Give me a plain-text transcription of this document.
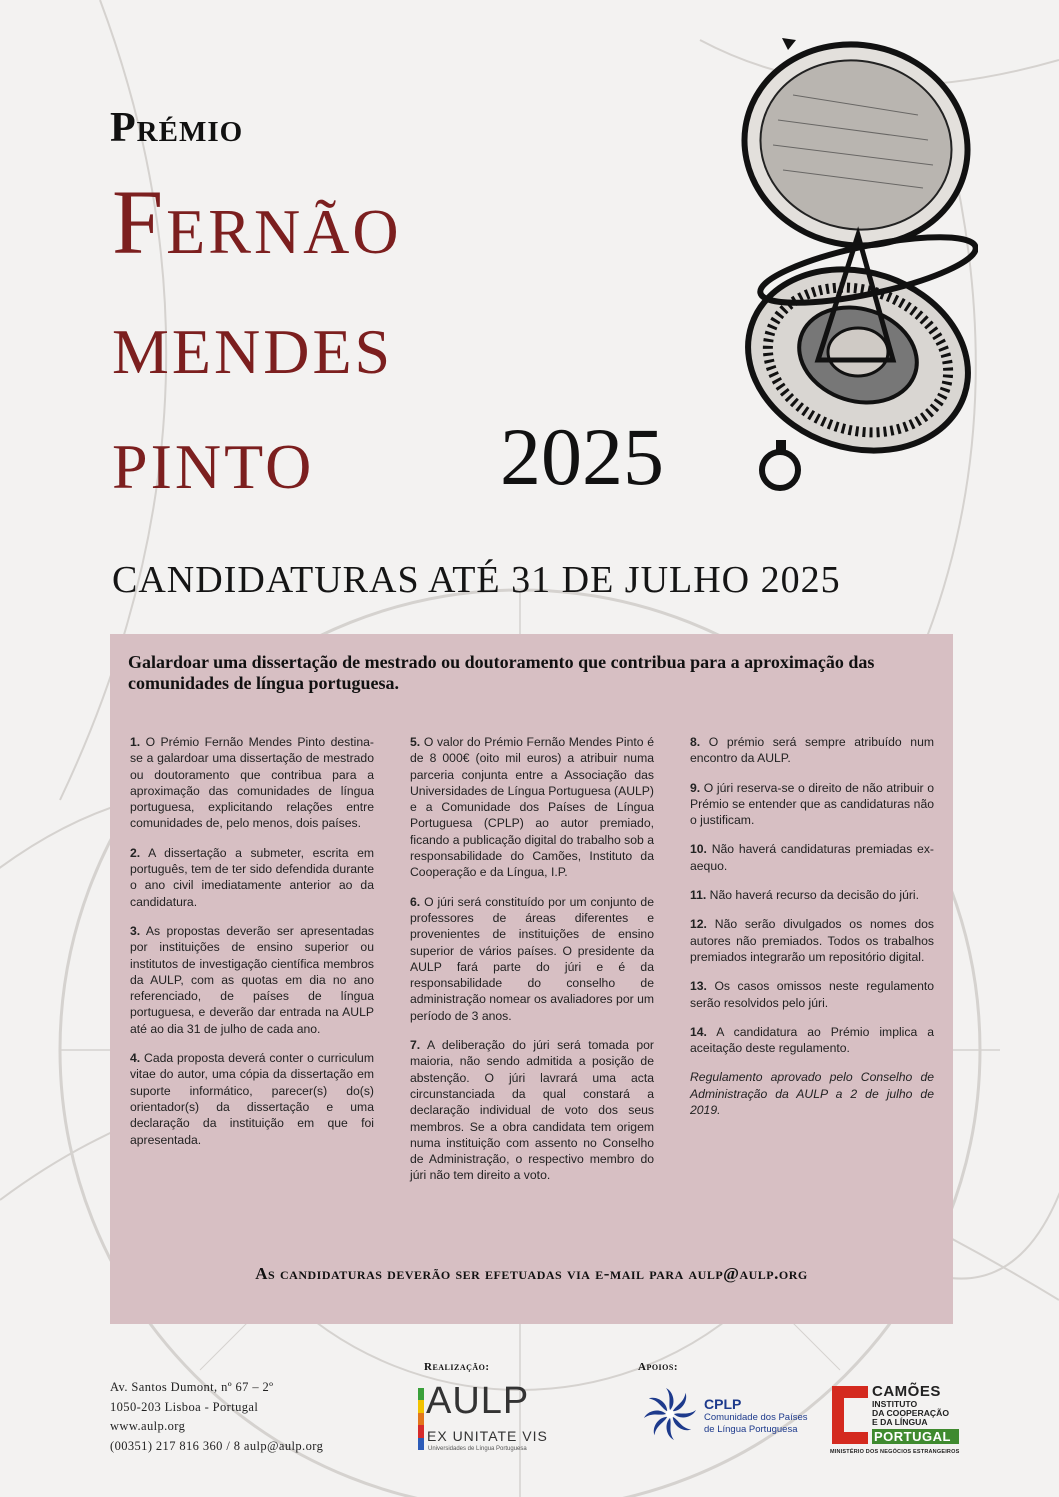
Prémio
Fernão
mendes
pinto 2025
CANDIDATURAS ATÉ 31 DE JULHO 2025
Galardoar uma dissertação de mestrado ou doutoramento que contribua para a aproximação das comunidades de língua portuguesa.

1. O Prémio Fernão Mendes Pinto destina-se a galardoar uma dissertação de mestrado ou doutoramento que contribua para a aproximação das comunidades de língua portuguesa, explicitando relações entre comunidades de, pelo menos, dois países.

2. A dissertação a submeter, escrita em português, tem de ter sido defendida durante o ano civil imediatamente anterior ao da candidatura.

3. As propostas deverão ser apresentadas por instituições de ensino superior ou institutos de investigação científica membros da AULP, com as quotas em dia no ano referenciado, de países de língua portuguesa, e deverão dar entrada na AULP até ao dia 31 de julho de cada ano.

4. Cada proposta deverá conter o curriculum vitae do autor, uma cópia da dissertação em suporte informático, parecer(s) do(s) orientador(s) da dissertação e uma declaração da instituição em que foi apresentada.

5. O valor do Prémio Fernão Mendes Pinto é de 8 000€ (oito mil euros) a atribuir numa parceria conjunta entre a Associação das Universidades de Língua Portuguesa (AULP) e a Comunidade dos Países de Língua Portuguesa (CPLP) ao autor premiado, ficando a publicação digital do trabalho sob a responsabilidade do Camões, Instituto da Cooperação e da Língua, I.P.

6. O júri será constituído por um conjunto de professores de áreas diferentes e provenientes de instituições de ensino superior de vários países. O presidente da AULP fará parte do júri e é da responsabilidade do conselho de administração nomear os avaliadores por um período de 3 anos.

7. A deliberação do júri será tomada por maioria, não sendo admitida a posição de abstenção. O júri lavrará uma acta circunstanciada da qual constará a declaração individual de voto dos seus membros. Se a obra candidata tem origem numa instituição com assento no Conselho de Administração, o respectivo membro do júri não tem direito a voto.

8. O prémio será sempre atribuído num encontro da AULP.

9. O júri reserva-se o direito de não atribuir o Prémio se entender que as candidaturas não o justificam.

10. Não haverá candidaturas premiadas ex-aequo.

11. Não haverá recurso da decisão do júri.

12. Não serão divulgados os nomes dos autores não premiados. Todos os trabalhos premiados integrarão um repositório digital.

13. Os casos omissos neste regulamento serão resolvidos pelo júri.

14. A candidatura ao Prémio implica a aceitação deste regulamento.

Regulamento aprovado pelo Conselho de Administração da AULP a 2 de julho de 2019.

As candidaturas deverão ser efetuadas via e-mail para aulp@aulp.org
Av. Santos Dumont, nº 67 – 2º
1050-203 Lisboa - Portugal
www.aulp.org
(00351) 217 816 360 / 8 aulp@aulp.org
Realização:	Apoios:
AULP
EX UNITATE VIS
Universidades de Língua Portuguesa
CPLP
Comunidade dos Países
de Língua Portuguesa
CAMÕES
INSTITUTO
DA COOPERAÇÃO
E DA LÍNGUA
PORTUGAL
MINISTÉRIO DOS NEGÓCIOS ESTRANGEIROS
